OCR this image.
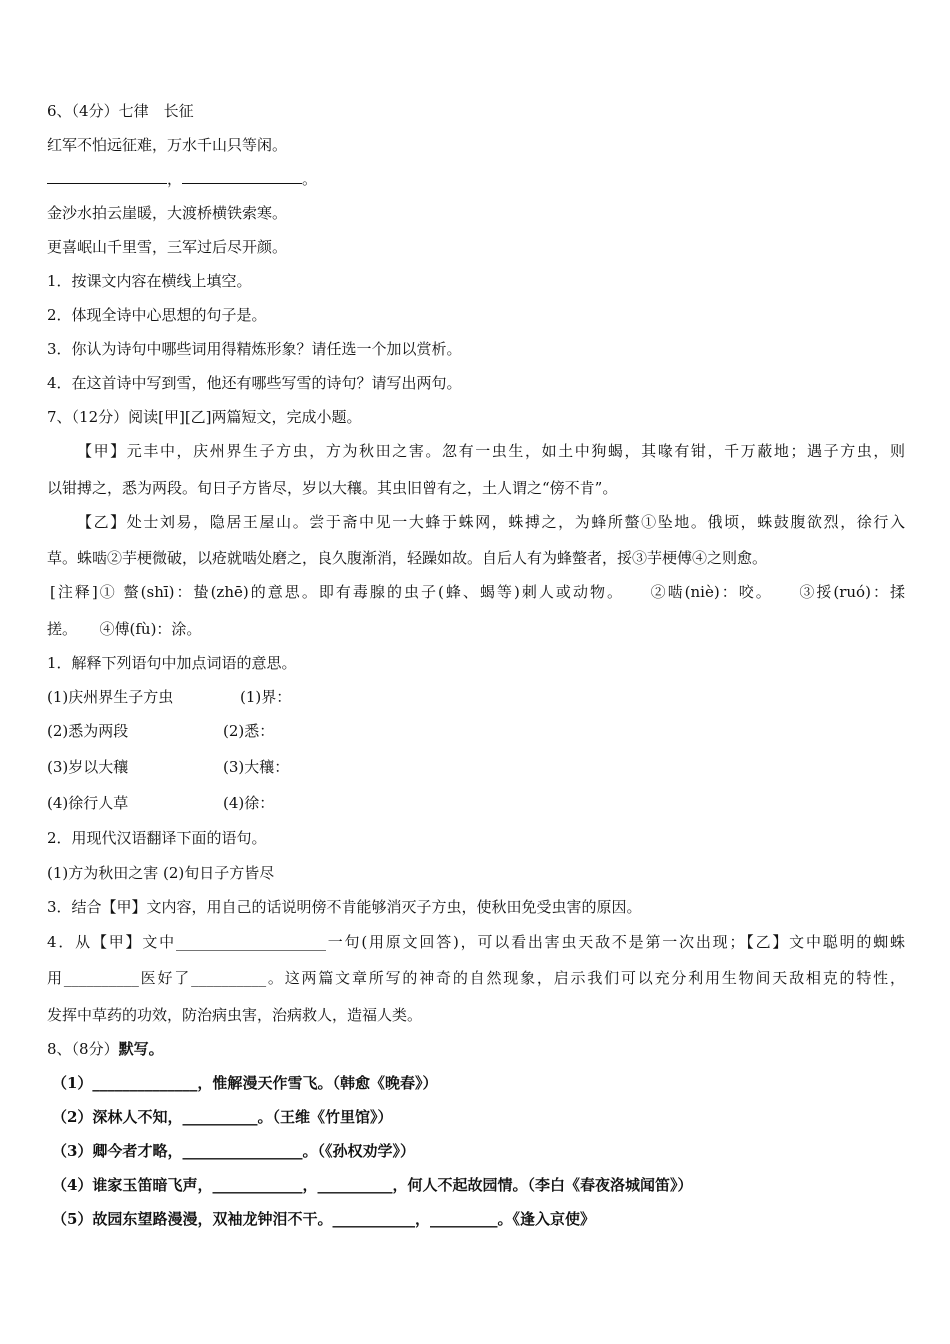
6、（4分）七律　长征
红军不怕远征难，万水千山只等闲。
，	。
金沙水拍云崖暖，大渡桥横铁索寒。
更喜岷山千里雪，三军过后尽开颜。
1．按课文内容在横线上填空。
2．体现全诗中心思想的句子是。
3．你认为诗句中哪些词用得精炼形象？请任选一个加以赏析。
4．在这首诗中写到雪，他还有哪些写雪的诗句？请写出两句。
7、（12分）阅读[甲][乙]两篇短文，完成小题。
【甲】元丰中，庆州界生子方虫，方为秋田之害。忽有一虫生，如土中狗蝎，其喙有钳，千万蔽地；遇子方虫，则
以钳搏之，悉为两段。旬日子方皆尽，岁以大穰。其虫旧曾有之，土人谓之“傍不肯”。
【乙】处士刘易，隐居王屋山。尝于斋中见一大蜂于蛛网，蛛搏之，为蜂所螫①坠地。俄顷，蛛鼓腹欲烈，徐行入
草。蛛啮②芋梗微破，以疮就啮处磨之，良久腹渐消，轻躁如故。自后人有为蜂螫者，挼③芋梗傅④之则愈。
[注释]① 螫(shī)：蛰(zhē)的意思。即有毒腺的虫子(蜂、蝎等)刺人或动物。　　②啮(niè)：咬。　　③挼(ruó)：揉
搓。　　④傅(fù)：涂。
1．解释下列语句中加点词语的意思。
(1)庆州界生子方虫	(1)界：
(2)悉为两段	(2)悉：
(3)岁以大穰	(3)大穰：
(4)徐行人草	(4)徐：
2．用现代汉语翻译下面的语句。
(1)方为秋田之害 (2)旬日子方皆尽
3．结合【甲】文内容，用自己的话说明傍不肯能够消灭子方虫，使秋田免受虫害的原因。
4．从【甲】文中____________________一句(用原文回答)，可以看出害虫天敌不是第一次出现；【乙】文中聪明的蜘蛛
用__________医好了__________。这两篇文章所写的神奇的自然现象，启示我们可以充分利用生物间天敌相克的特性，
发挥中草药的功效，防治病虫害，治病救人，造福人类。
8、（8分）默写。
（1）______________，惟解漫天作雪飞。（韩愈《晚春》）
（2）深林人不知，__________。（王维《竹里馆》）
（3）卿今者才略，________________。（《孙权劝学》）
（4）谁家玉笛暗飞声，____________，__________，何人不起故园情。（李白《春夜洛城闻笛》）
（5）故园东望路漫漫，双袖龙钟泪不干。___________，_________。《逢入京使》
